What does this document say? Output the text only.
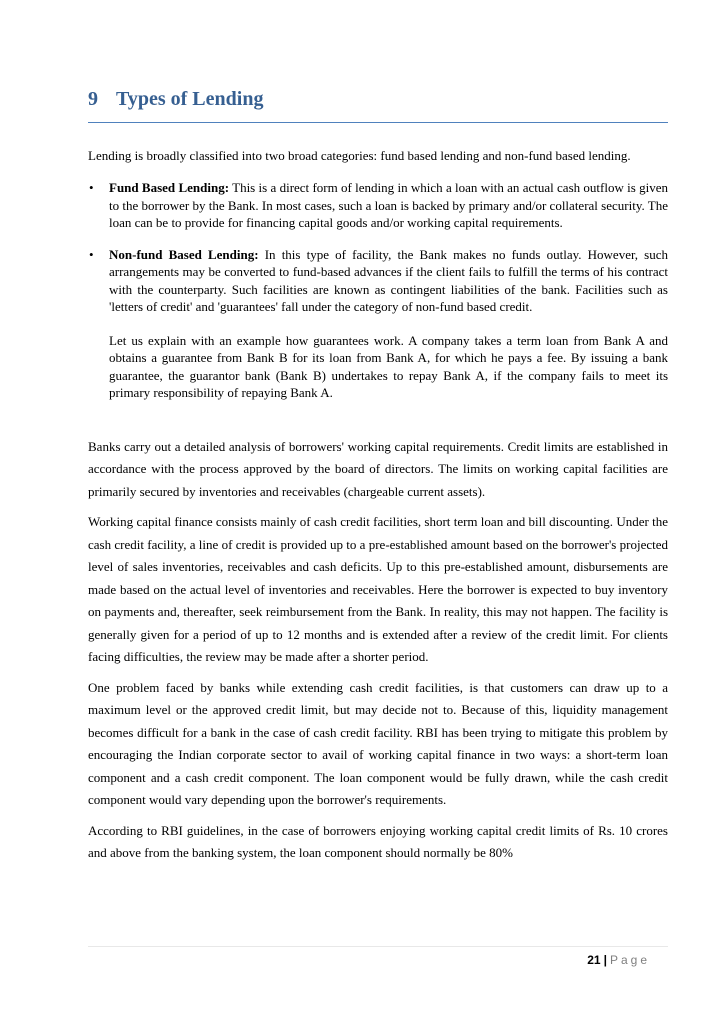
9 Types of Lending

Lending is broadly classified into two broad categories: fund based lending and non-fund based lending.

• Fund Based Lending: This is a direct form of lending in which a loan with an actual cash outflow is given to the borrower by the Bank. In most cases, such a loan is backed by primary and/or collateral security. The loan can be to provide for financing capital goods and/or working capital requirements.

• Non-fund Based Lending: In this type of facility, the Bank makes no funds outlay. However, such arrangements may be converted to fund-based advances if the client fails to fulfill the terms of his contract with the counterparty. Such facilities are known as contingent liabilities of the bank. Facilities such as 'letters of credit' and 'guarantees' fall under the category of non-fund based credit.

Let us explain with an example how guarantees work. A company takes a term loan from Bank A and obtains a guarantee from Bank B for its loan from Bank A, for which he pays a fee. By issuing a bank guarantee, the guarantor bank (Bank B) undertakes to repay Bank A, if the company fails to meet its primary responsibility of repaying Bank A.

Banks carry out a detailed analysis of borrowers' working capital requirements. Credit limits are established in accordance with the process approved by the board of directors. The limits on working capital facilities are primarily secured by inventories and receivables (chargeable current assets).

Working capital finance consists mainly of cash credit facilities, short term loan and bill discounting. Under the cash credit facility, a line of credit is provided up to a pre-established amount based on the borrower's projected level of sales inventories, receivables and cash deficits. Up to this pre-established amount, disbursements are made based on the actual level of inventories and receivables. Here the borrower is expected to buy inventory on payments and, thereafter, seek reimbursement from the Bank. In reality, this may not happen. The facility is generally given for a period of up to 12 months and is extended after a review of the credit limit. For clients facing difficulties, the review may be made after a shorter period.

One problem faced by banks while extending cash credit facilities, is that customers can draw up to a maximum level or the approved credit limit, but may decide not to. Because of this, liquidity management becomes difficult for a bank in the case of cash credit facility. RBI has been trying to mitigate this problem by encouraging the Indian corporate sector to avail of working capital finance in two ways: a short-term loan component and a cash credit component. The loan component would be fully drawn, while the cash credit component would vary depending upon the borrower's requirements.

According to RBI guidelines, in the case of borrowers enjoying working capital credit limits of Rs. 10 crores and above from the banking system, the loan component should normally be 80%

21 | Page
